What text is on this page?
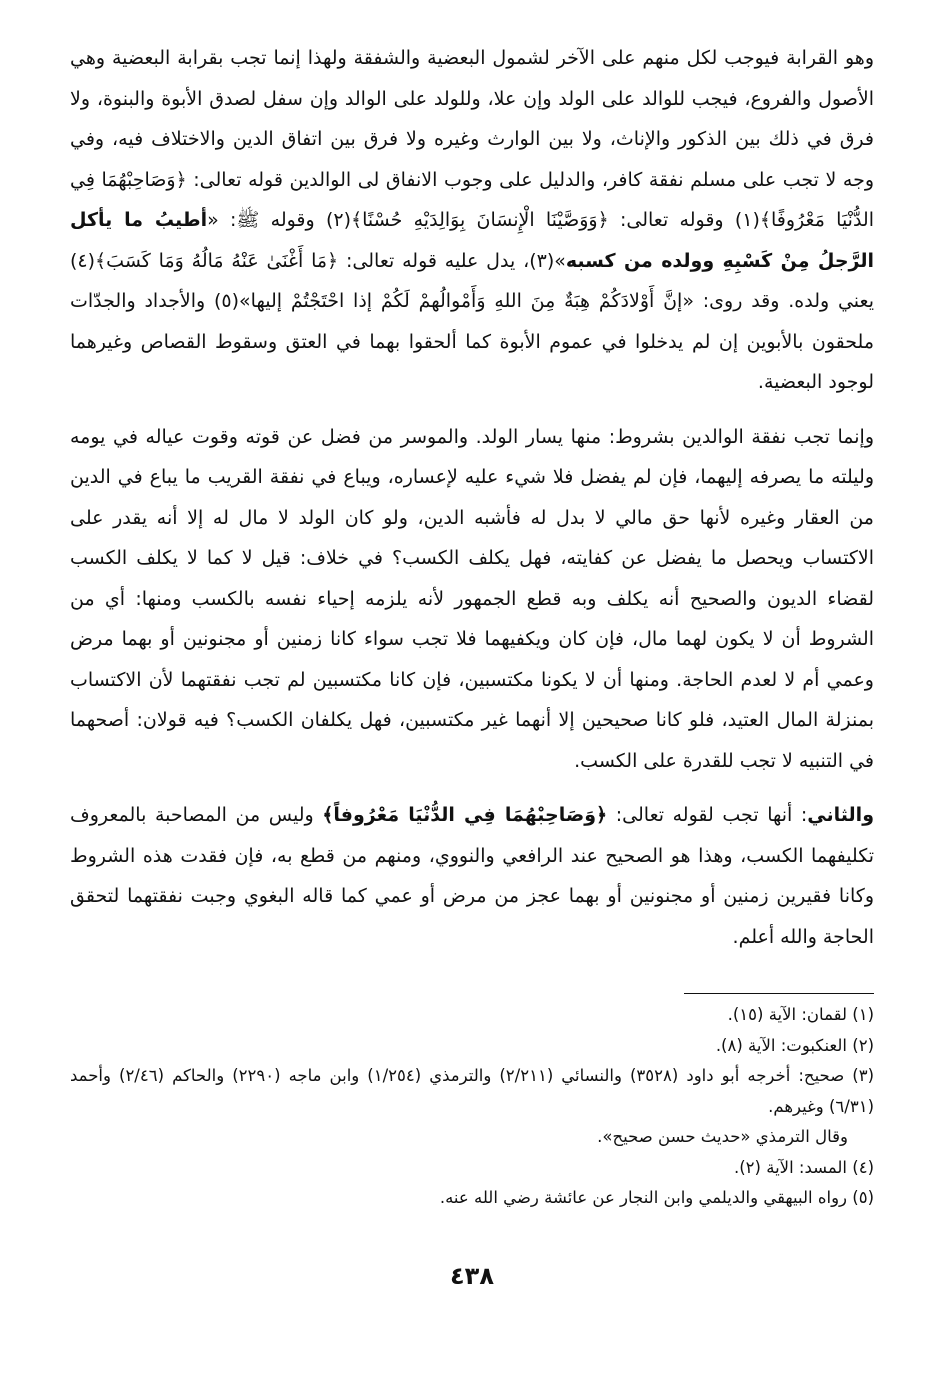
وهو القرابة فيوجب لكل منهم على الآخر لشمول البعضية والشفقة ولهذا إنما تجب بقرابة البعضية وهي الأصول والفروع، فيجب للوالد على الولد وإن علا، وللولد على الوالد وإن سفل لصدق الأبوة والبنوة، ولا فرق في ذلك بين الذكور والإناث، ولا بين الوارث وغيره ولا فرق بين اتفاق الدين والاختلاف فيه، وفي وجه لا تجب على مسلم نفقة كافر، والدليل على وجوب الانفاق لى الوالدين قوله تعالى: ﴿وَصَاحِبْهُمَا فِي الدُّنْيَا مَعْرُوفًا﴾(١) وقوله تعالى: ﴿وَوَصَّيْنَا الْإِنسَانَ بِوَالِدَيْهِ حُسْنًا﴾(٢) وقوله ﷺ: «أطيبُ ما يأكل الرَّجلُ مِنْ كَسْبِهِ وولده من كسبه»(٣)، يدل عليه قوله تعالى: ﴿مَا أَغْنَىٰ عَنْهُ مَالُهُ وَمَا كَسَبَ﴾(٤) يعني ولده. وقد روى: «إنَّ أَوْلادَكُمْ هِبَةٌ مِنَ اللهِ وَأَمْوالُهمْ لَكُمْ إذا احْتَجْتُمْ إليها»(٥) والأجداد والجدّات ملحقون بالأبوين إن لم يدخلوا في عموم الأبوة كما ألحقوا بهما في العتق وسقوط القصاص وغيرهما لوجود البعضية.

وإنما تجب نفقة الوالدين بشروط: منها يسار الولد. والموسر من فضل عن قوته وقوت عياله في يومه وليلته ما يصرفه إليهما، فإن لم يفضل فلا شيء عليه لإعساره، ويباع في نفقة القريب ما يباع في الدين من العقار وغيره لأنها حق مالي لا بدل له فأشبه الدين، ولو كان الولد لا مال له إلا أنه يقدر على الاكتساب ويحصل ما يفضل عن كفايته، فهل يكلف الكسب؟ في خلاف: قيل لا كما لا يكلف الكسب لقضاء الديون والصحيح أنه يكلف وبه قطع الجمهور لأنه يلزمه إحياء نفسه بالكسب ومنها: أي من الشروط أن لا يكون لهما مال، فإن كان ويكفيهما فلا تجب سواء كانا زمنين أو مجنونين أو بهما مرض وعمي أم لا لعدم الحاجة. ومنها أن لا يكونا مكتسبين، فإن كانا مكتسبين لم تجب نفقتهما لأن الاكتساب بمنزلة المال العتيد، فلو كانا صحيحين إلا أنهما غير مكتسبين، فهل يكلفان الكسب؟ فيه قولان: أصحهما في التنبيه لا تجب للقدرة على الكسب.

والثاني: أنها تجب لقوله تعالى: ﴿وَصَاحِبْهُمَا فِي الدُّنْيَا مَعْرُوفاً﴾ وليس من المصاحبة بالمعروف تكليفهما الكسب، وهذا هو الصحيح عند الرافعي والنووي، ومنهم من قطع به، فإن فقدت هذه الشروط وكانا فقيرين زمنين أو مجنونين أو بهما عجز من مرض أو عمي كما قاله البغوي وجبت نفقتهما لتحقق الحاجة والله أعلم.

(١) لقمان: الآية (١٥).
(٢) العنكبوت: الآية (٨).
(٣) صحيح: أخرجه أبو داود (٣٥٢٨) والنسائي (٢/٢١١) والترمذي (١/٢٥٤) وابن ماجه (٢٢٩٠) والحاكم (٢/٤٦) وأحمد (٦/٣١) وغيرهم.
وقال الترمذي «حديث حسن صحيح».
(٤) المسد: الآية (٢).
(٥) رواه البيهقي والديلمي وابن النجار عن عائشة رضي الله عنه.
٤٣٨
